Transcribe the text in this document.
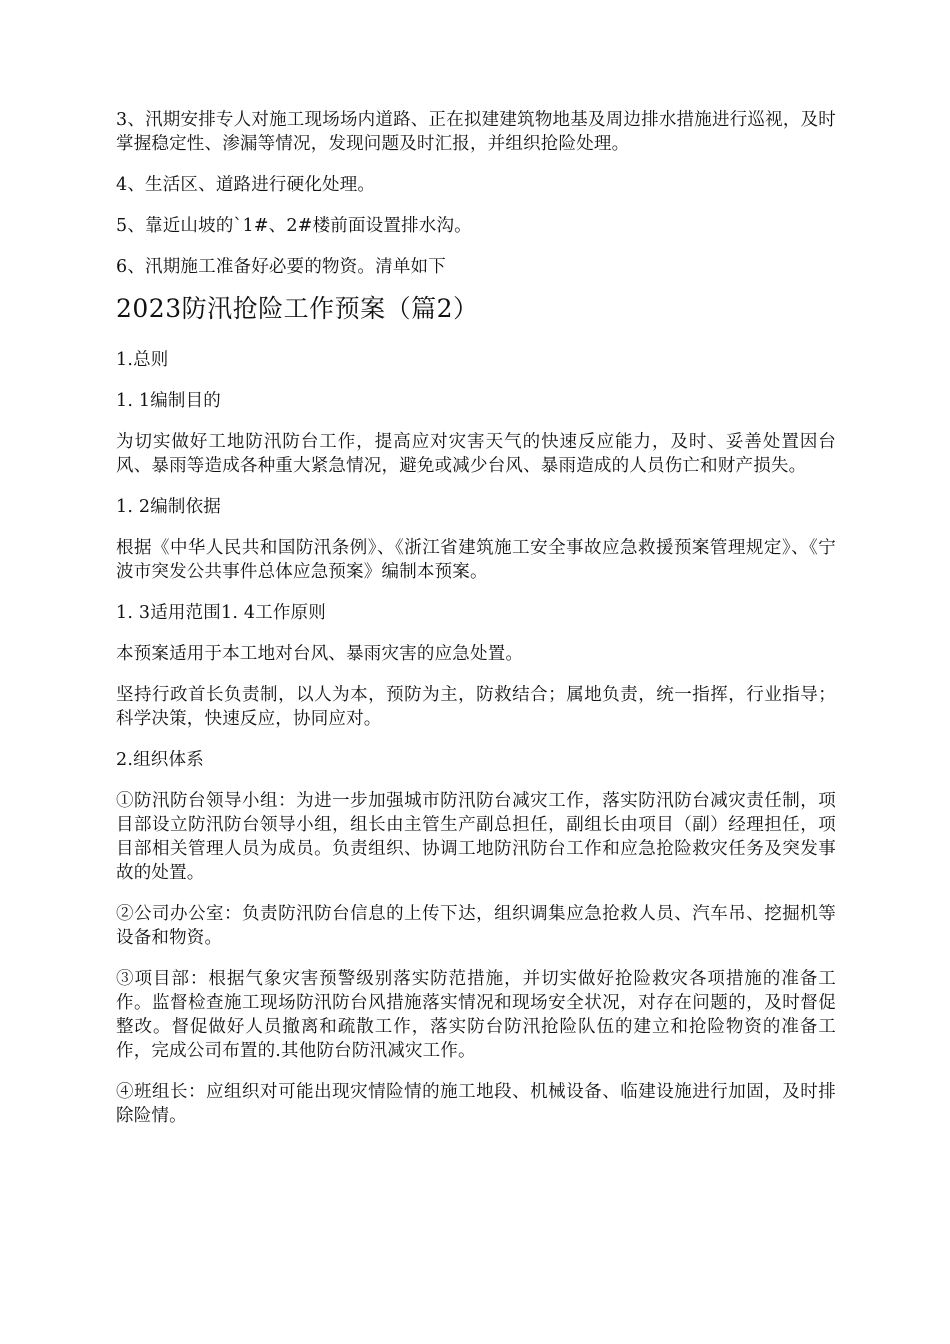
3、汛期安排专人对施工现场场内道路、正在拟建建筑物地基及周边排水措施进行巡视，及时掌握稳定性、渗漏等情况，发现问题及时汇报，并组织抢险处理。

4、生活区、道路进行硬化处理。

5、靠近山坡的`1#、2#楼前面设置排水沟。

6、汛期施工准备好必要的物资。清单如下

2023防汛抢险工作预案（篇2）

1.总则

1. 1编制目的

为切实做好工地防汛防台工作，提高应对灾害天气的快速反应能力，及时、妥善处置因台风、暴雨等造成各种重大紧急情况，避免或减少台风、暴雨造成的人员伤亡和财产损失。

1. 2编制依据

根据《中华人民共和国防汛条例》、《浙江省建筑施工安全事故应急救援预案管理规定》、《宁波市突发公共事件总体应急预案》编制本预案。

1. 3适用范围1. 4工作原则

本预案适用于本工地对台风、暴雨灾害的应急处置。

坚持行政首长负责制，以人为本，预防为主，防救结合；属地负责，统一指挥，行业指导；科学决策，快速反应，协同应对。

2.组织体系

①防汛防台领导小组：为进一步加强城市防汛防台减灾工作，落实防汛防台减灾责任制，项目部设立防汛防台领导小组，组长由主管生产副总担任，副组长由项目（副）经理担任，项目部相关管理人员为成员。负责组织、协调工地防汛防台工作和应急抢险救灾任务及突发事故的处置。

②公司办公室：负责防汛防台信息的上传下达，组织调集应急抢救人员、汽车吊、挖掘机等设备和物资。

③项目部：根据气象灾害预警级别落实防范措施，并切实做好抢险救灾各项措施的准备工作。监督检查施工现场防汛防台风措施落实情况和现场安全状况，对存在问题的，及时督促整改。督促做好人员撤离和疏散工作，落实防台防汛抢险队伍的建立和抢险物资的准备工作，完成公司布置的.其他防台防汛减灾工作。

④班组长：应组织对可能出现灾情险情的施工地段、机械设备、临建设施进行加固，及时排除险情。
